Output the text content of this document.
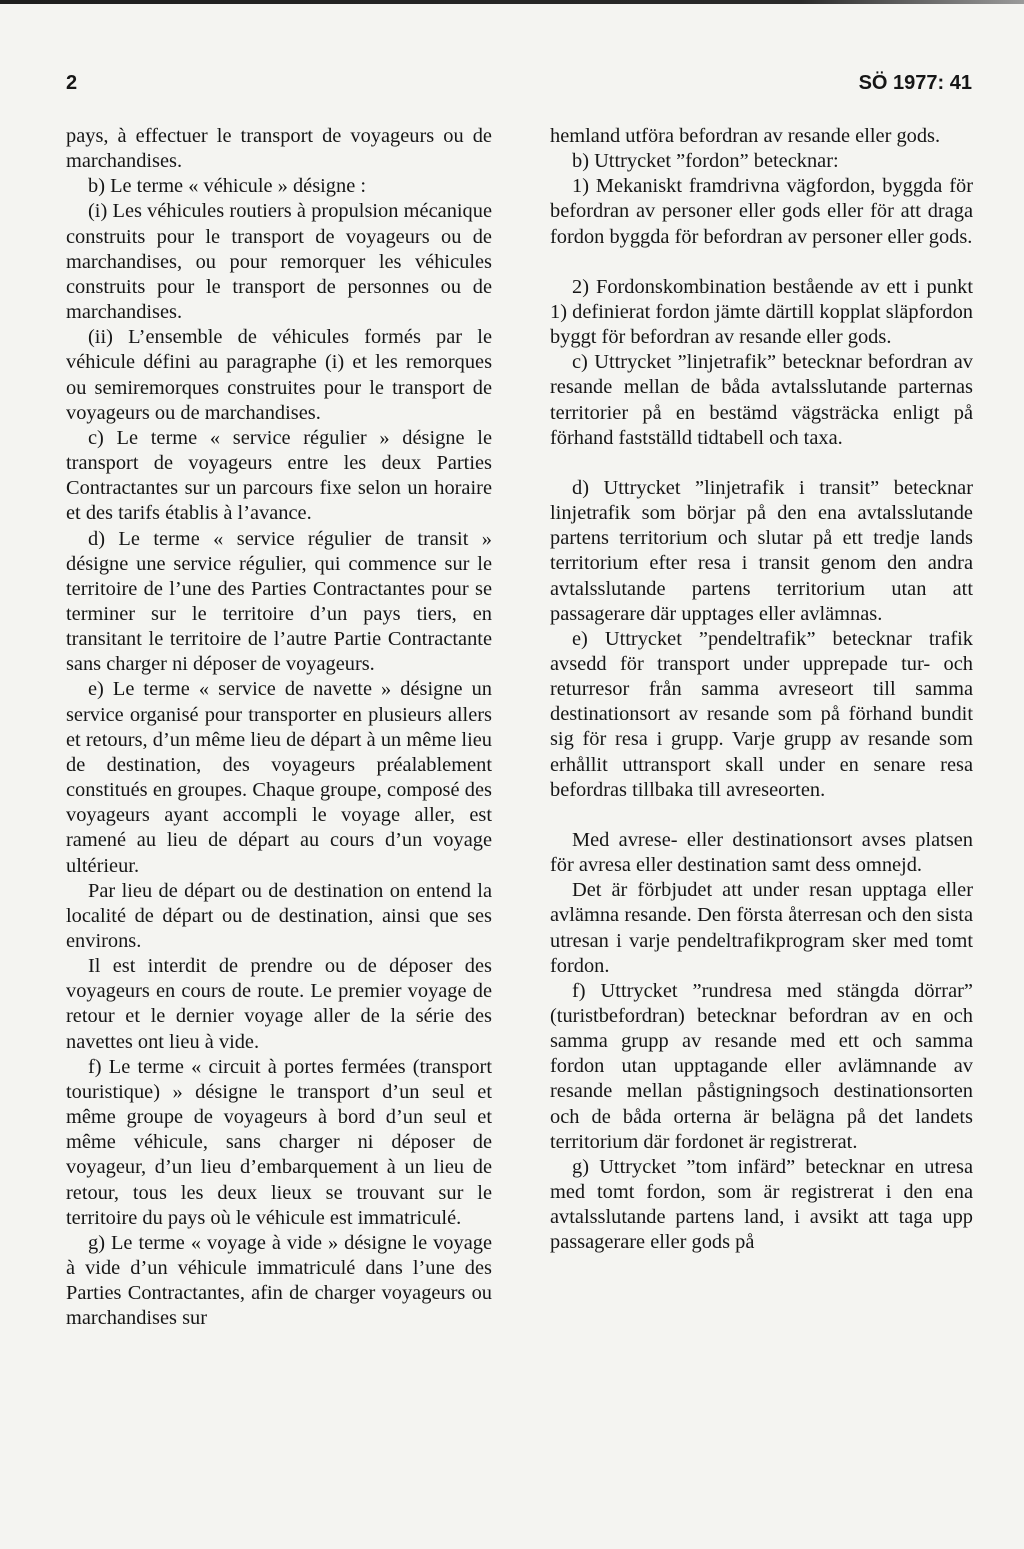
2	SÖ 1977: 41

pays, à effectuer le transport de voyageurs ou de marchandises.

b) Le terme « véhicule » désigne :

(i) Les véhicules routiers à propulsion mécanique construits pour le transport de voyageurs ou de marchandises, ou pour remorquer les véhicules construits pour le transport de personnes ou de marchandises.

(ii) L’ensemble de véhicules formés par le véhicule défini au paragraphe (i) et les remorques ou semiremorques construites pour le transport de voyageurs ou de marchandises.

c) Le terme « service régulier » désigne le transport de voyageurs entre les deux Parties Contractantes sur un parcours fixe selon un horaire et des tarifs établis à l’avance.

d) Le terme « service régulier de transit » désigne une service régulier, qui commence sur le territoire de l’une des Parties Contractantes pour se terminer sur le territoire d’un pays tiers, en transitant le territoire de l’autre Partie Contractante sans charger ni déposer de voyageurs.

e) Le terme « service de navette » désigne un service organisé pour transporter en plusieurs allers et retours, d’un même lieu de départ à un même lieu de destination, des voyageurs préalablement constitués en groupes. Chaque groupe, composé des voyageurs ayant accompli le voyage aller, est ramené au lieu de départ au cours d’un voyage ultérieur.

Par lieu de départ ou de destination on entend la localité de départ ou de destination, ainsi que ses environs.

Il est interdit de prendre ou de déposer des voyageurs en cours de route. Le premier voyage de retour et le dernier voyage aller de la série des navettes ont lieu à vide.

f) Le terme « circuit à portes fermées (transport touristique) » désigne le transport d’un seul et même groupe de voyageurs à bord d’un seul et même véhicule, sans charger ni déposer de voyageur, d’un lieu d’embarquement à un lieu de retour, tous les deux lieux se trouvant sur le territoire du pays où le véhicule est immatriculé.

g) Le terme « voyage à vide » désigne le voyage à vide d’un véhicule immatriculé dans l’une des Parties Contractantes, afin de charger voyageurs ou marchandises sur

hemland utföra befordran av resande eller gods.

b) Uttrycket ”fordon” betecknar:

1) Mekaniskt framdrivna vägfordon, byggda för befordran av personer eller gods eller för att draga fordon byggda för befordran av personer eller gods.

2) Fordonskombination bestående av ett i punkt 1) definierat fordon jämte därtill kopplat släpfordon byggt för befordran av resande eller gods.

c) Uttrycket ”linjetrafik” betecknar befordran av resande mellan de båda avtalsslutande parternas territorier på en bestämd vägsträcka enligt på förhand fastställd tidtabell och taxa.

d) Uttrycket ”linjetrafik i transit” betecknar linjetrafik som börjar på den ena avtalsslutande partens territorium och slutar på ett tredje lands territorium efter resa i transit genom den andra avtalsslutande partens territorium utan att passagerare där upptages eller avlämnas.

e) Uttrycket ”pendeltrafik” betecknar trafik avsedd för transport under upprepade tur- och returresor från samma avreseort till samma destinationsort av resande som på förhand bundit sig för resa i grupp. Varje grupp av resande som erhållit uttransport skall under en senare resa befordras tillbaka till avreseorten.

Med avrese- eller destinationsort avses platsen för avresa eller destination samt dess omnejd.

Det är förbjudet att under resan upptaga eller avlämna resande. Den första återresan och den sista utresan i varje pendeltrafikprogram sker med tomt fordon.

f) Uttrycket ”rundresa med stängda dörrar” (turistbefordran) betecknar befordran av en och samma grupp av resande med ett och samma fordon utan upptagande eller avlämnande av resande mellan påstigningsoch destinationsorten och de båda orterna är belägna på det landets territorium där fordonet är registrerat.

g) Uttrycket ”tom infärd” betecknar en utresa med tomt fordon, som är registrerat i den ena avtalsslutande partens land, i avsikt att taga upp passagerare eller gods på
